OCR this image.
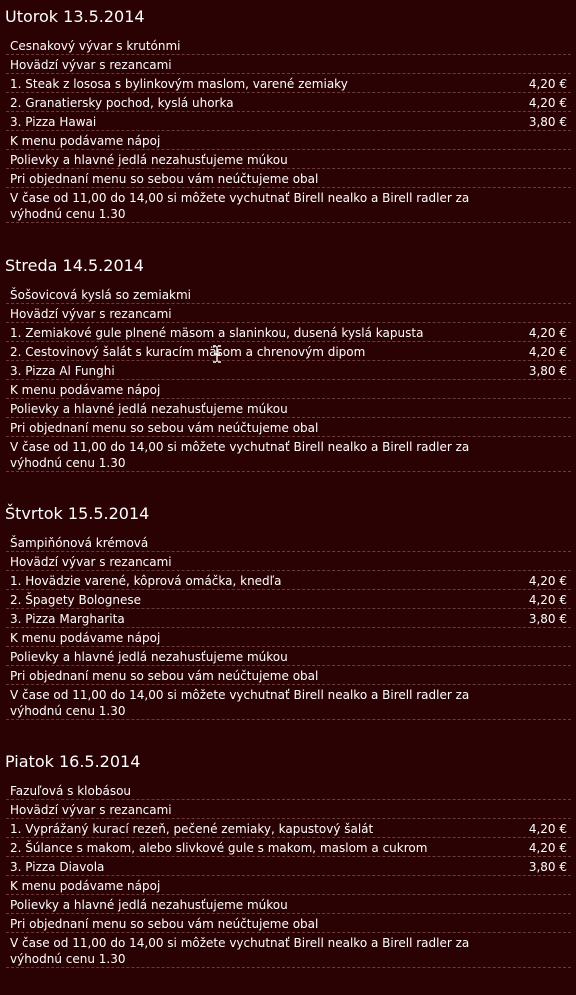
Utorok 13.5.2014
Cesnakový vývar s krutónmi
Hovädzí vývar s rezancami
1. Steak z lososa s bylinkovým maslom, varené zemiaky	4,20 €
2. Granatiersky pochod, kyslá uhorka	4,20 €
3. Pizza Hawai	3,80 €
K menu podávame nápoj
Polievky a hlavné jedlá nezahusťujeme múkou
Pri objednaní menu so sebou vám neúčtujeme obal
V čase od 11,00 do 14,00 si môžete vychutnať Birell nealko a Birell radler za výhodnú cenu 1.30
Streda 14.5.2014
Šošovicová kyslá so zemiakmi
Hovädzí vývar s rezancami
1. Zemiakové gule plnené mäsom a slaninkou, dusená kyslá kapusta	4,20 €
2. Cestovinový šalát s kuracím mäsom a chrenovým dipom	4,20 €
3. Pizza Al Funghi	3,80 €
K menu podávame nápoj
Polievky a hlavné jedlá nezahusťujeme múkou
Pri objednaní menu so sebou vám neúčtujeme obal
V čase od 11,00 do 14,00 si môžete vychutnať Birell nealko a Birell radler za výhodnú cenu 1.30
Štvrtok 15.5.2014
Šampiňónová krémová
Hovädzí vývar s rezancami
1. Hovädzie varené, kôprová omáčka, knedľa	4,20 €
2. Špagety Bolognese	4,20 €
3. Pizza Margharita	3,80 €
K menu podávame nápoj
Polievky a hlavné jedlá nezahusťujeme múkou
Pri objednaní menu so sebou vám neúčtujeme obal
V čase od 11,00 do 14,00 si môžete vychutnať Birell nealko a Birell radler za výhodnú cenu 1.30
Piatok 16.5.2014
Fazuľová s klobásou
Hovädzí vývar s rezancami
1. Vyprážaný kurací rezeň, pečené zemiaky, kapustový šalát	4,20 €
2. Šúlance s makom, alebo slivkové gule s makom, maslom a cukrom	4,20 €
3. Pizza Diavola	3,80 €
K menu podávame nápoj
Polievky a hlavné jedlá nezahusťujeme múkou
Pri objednaní menu so sebou vám neúčtujeme obal
V čase od 11,00 do 14,00 si môžete vychutnať Birell nealko a Birell radler za výhodnú cenu 1.30
